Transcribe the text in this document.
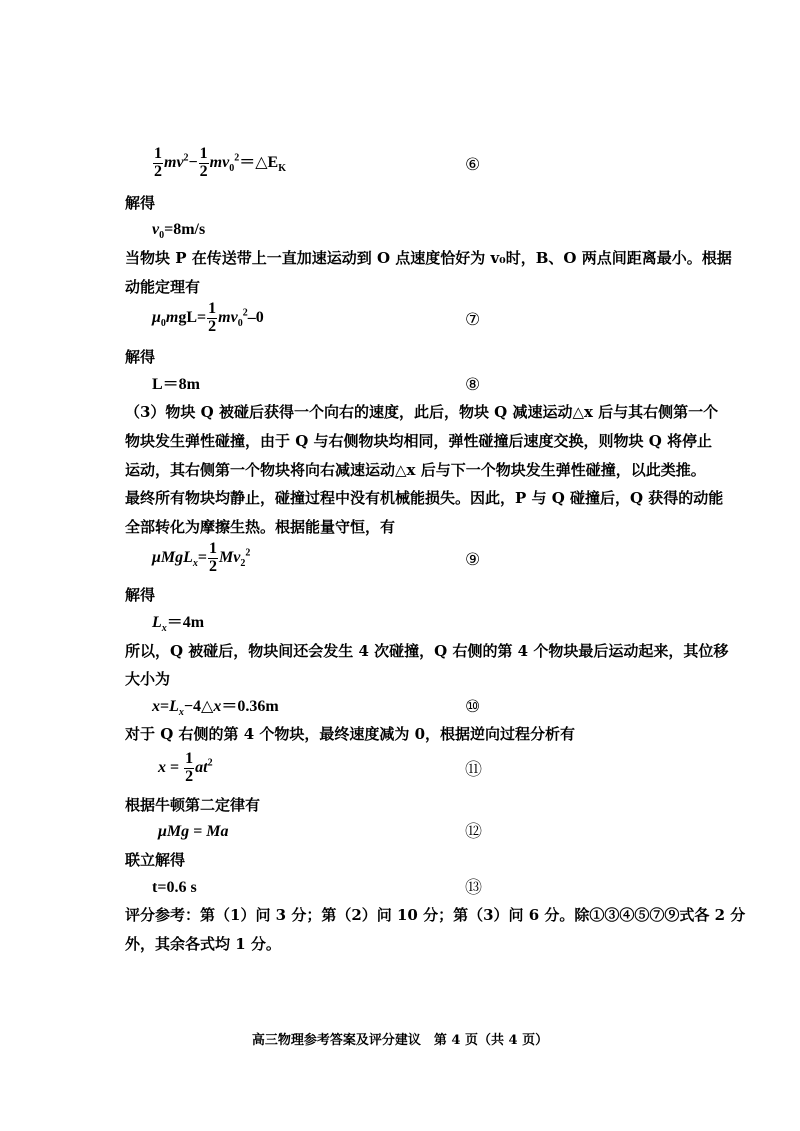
$\frac{1}{2} mv^2- \frac{1}{2}$ $mv_0^2=\triangle E_K$	⑥
解得
$v_0=8m/s$
当物块 P 在传送带上一直加速运动到 O 点速度恰好为 v₀时，B、O 两点间距离最小。根据
动能定理有
$\mu_0mgL= \frac{1}{2} mv_0^2-0$	⑦
解得
L＝8m	⑧
（3）物块 Q 被碰后获得一个向右的速度，此后，物块 Q 减速运动△x 后与其右侧第一个
物块发生弹性碰撞，由于 Q 与右侧物块均相同，弹性碰撞后速度交换，则物块 Q 将停止
运动，其右侧第一个物块将向右减速运动△x 后与下一个物块发生弹性碰撞，以此类推。
最终所有物块均静止，碰撞过程中没有机械能损失。因此，P 与 Q 碰撞后，Q 获得的动能
全部转化为摩擦生热。根据能量守恒，有
$\mu MgL_x= \frac{1}{2} Mv_2^2$	⑨
解得
$L_x=4m$
所以，Q 被碰后，物块间还会发生 4 次碰撞，Q 右侧的第 4 个物块最后运动起来，其位移
大小为
$x=L_x-4\triangle x=0.36m$	⑩
对于 Q 右侧的第 4 个物块，最终速度减为 0，根据逆向过程分析有
$x = \frac{1}{2} at^2$	⑪
根据牛顿第二定律有
μMg = Ma	⑫
联立解得
t=0.6 s	⑬
评分参考：第（1）问 3 分；第（2）问 10 分；第（3）问 6 分。除①③④⑤⑦⑨式各 2 分
外，其余各式均 1 分。
高三物理参考答案及评分建议　第 4 页（共 4 页）
